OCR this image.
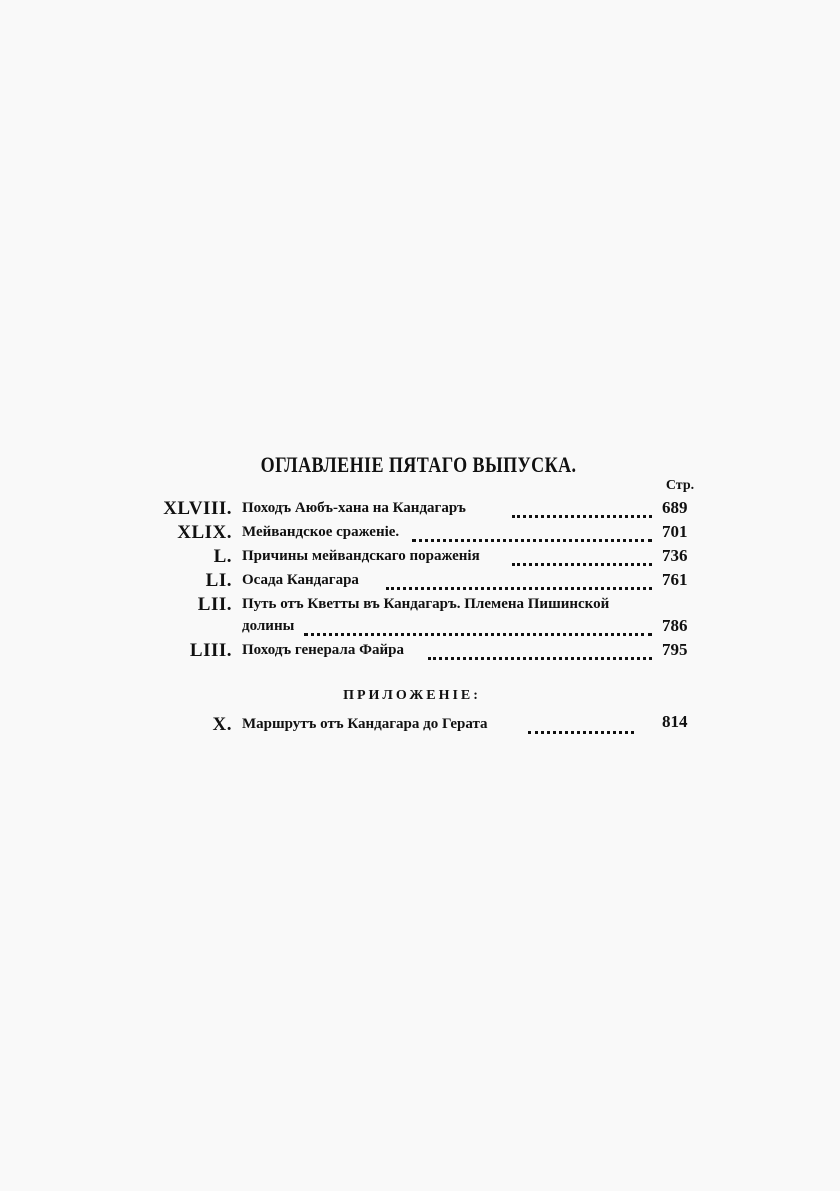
ОГЛАВЛЕНІЕ ПЯТАГО ВЫПУСКА.
Стр.
XLVIII. Походъ Аюбъ-хана на Кандагаръ	689
XLIX. Мейвандское сраженіе.	701
L. Причины мейвандскаго пораженія	736
LI. Осада Кандагара	761
LII. Путь отъ Кветты въ Кандагаръ. Племена Пишинской
долины	786
LIII. Походъ генерала Файра	795
ПРИЛОЖЕНІЕ:
X. Маршрутъ отъ Кандагара до Герата	814
